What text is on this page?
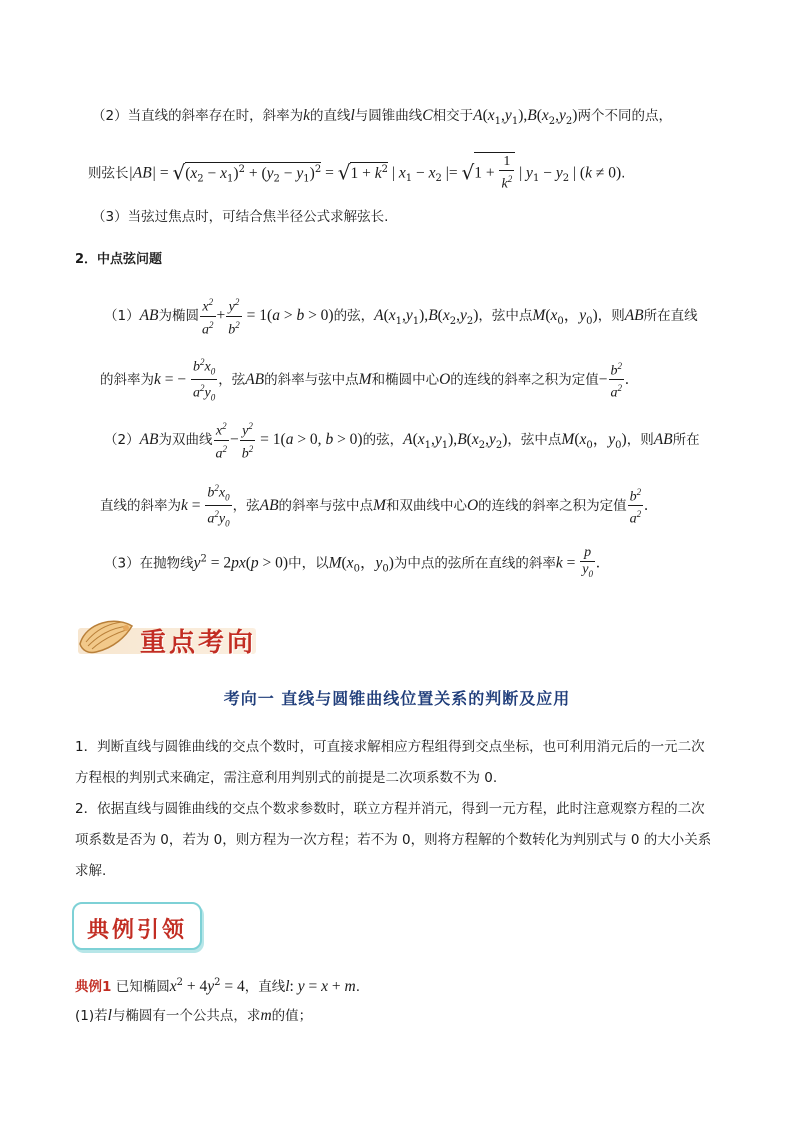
（2）当直线的斜率存在时，斜率为k的直线l与圆锥曲线C相交于$A(x_1,y_1),B(x_2,y_2)$两个不同的点，
则弦长$|AB| = √(x_2 - x_1)^2 + (y_2 - y_1)^2 = √1 + k^2$ | $x_1 - x_2$ |= $√1 + \frac{1}{k^2}$ | $y_1 - y_2$ | (k ≠ 0).
（3）当弦过焦点时，可结合焦半径公式求解弦长.
2．中点弦问题
（1）AB为椭圆 $\frac{x^2}{a^2} + \frac{y^2}{b^2} = 1(a > b > 0)$的弦，$A(x_1,y_1),B(x_2,y_2)$，弦中点$M(x_0$，$y_0$)，则AB所在直线
的斜率为k = − $\frac{b^2x_0}{a^2y_0}$ ，弦AB的斜率与弦中点M和椭圆中心O的连线的斜率之积为定值− $\frac{b^2}{a^2}$ .
（2）AB为双曲线 $\frac{x^2}{a^2} - \frac{y^2}{b^2} = 1(a > 0$, b > 0)的弦，$A(x_1,y_1),B(x_2,y_2)$，弦中点$M(x_0$，$y_0$)，则AB所在
直线的斜率为$k = \frac{b^2x_0}{a^2y_0}$ ，弦AB的斜率与弦中点M和双曲线中心O的连线的斜率之积为定值 $\frac{b^2}{a^2}$ .
（3）在抛物线$y^2 = 2px(p > 0)$中，以$M(x_0$，$y_0$)为中点的弦所在直线的斜率$k = \frac{p}{y_0}$ .
重点考向
考向一 直线与圆锥曲线位置关系的判断及应用
1．判断直线与圆锥曲线的交点个数时，可直接求解相应方程组得到交点坐标，也可利用消元后的一元二次
方程根的判别式来确定，需注意利用判别式的前提是二次项系数不为 0.
2．依据直线与圆锥曲线的交点个数求参数时，联立方程并消元，得到一元方程，此时注意观察方程的二次
项系数是否为 0，若为 0，则方程为一次方程；若不为 0，则将方程解的个数转化为判别式与 0 的大小关系
求解.
典例引领
典例1 已知椭圆$x^2 + 4y^2 = 4$，直线l: y = x + m.
(1)若l与椭圆有一个公共点，求m的值；
